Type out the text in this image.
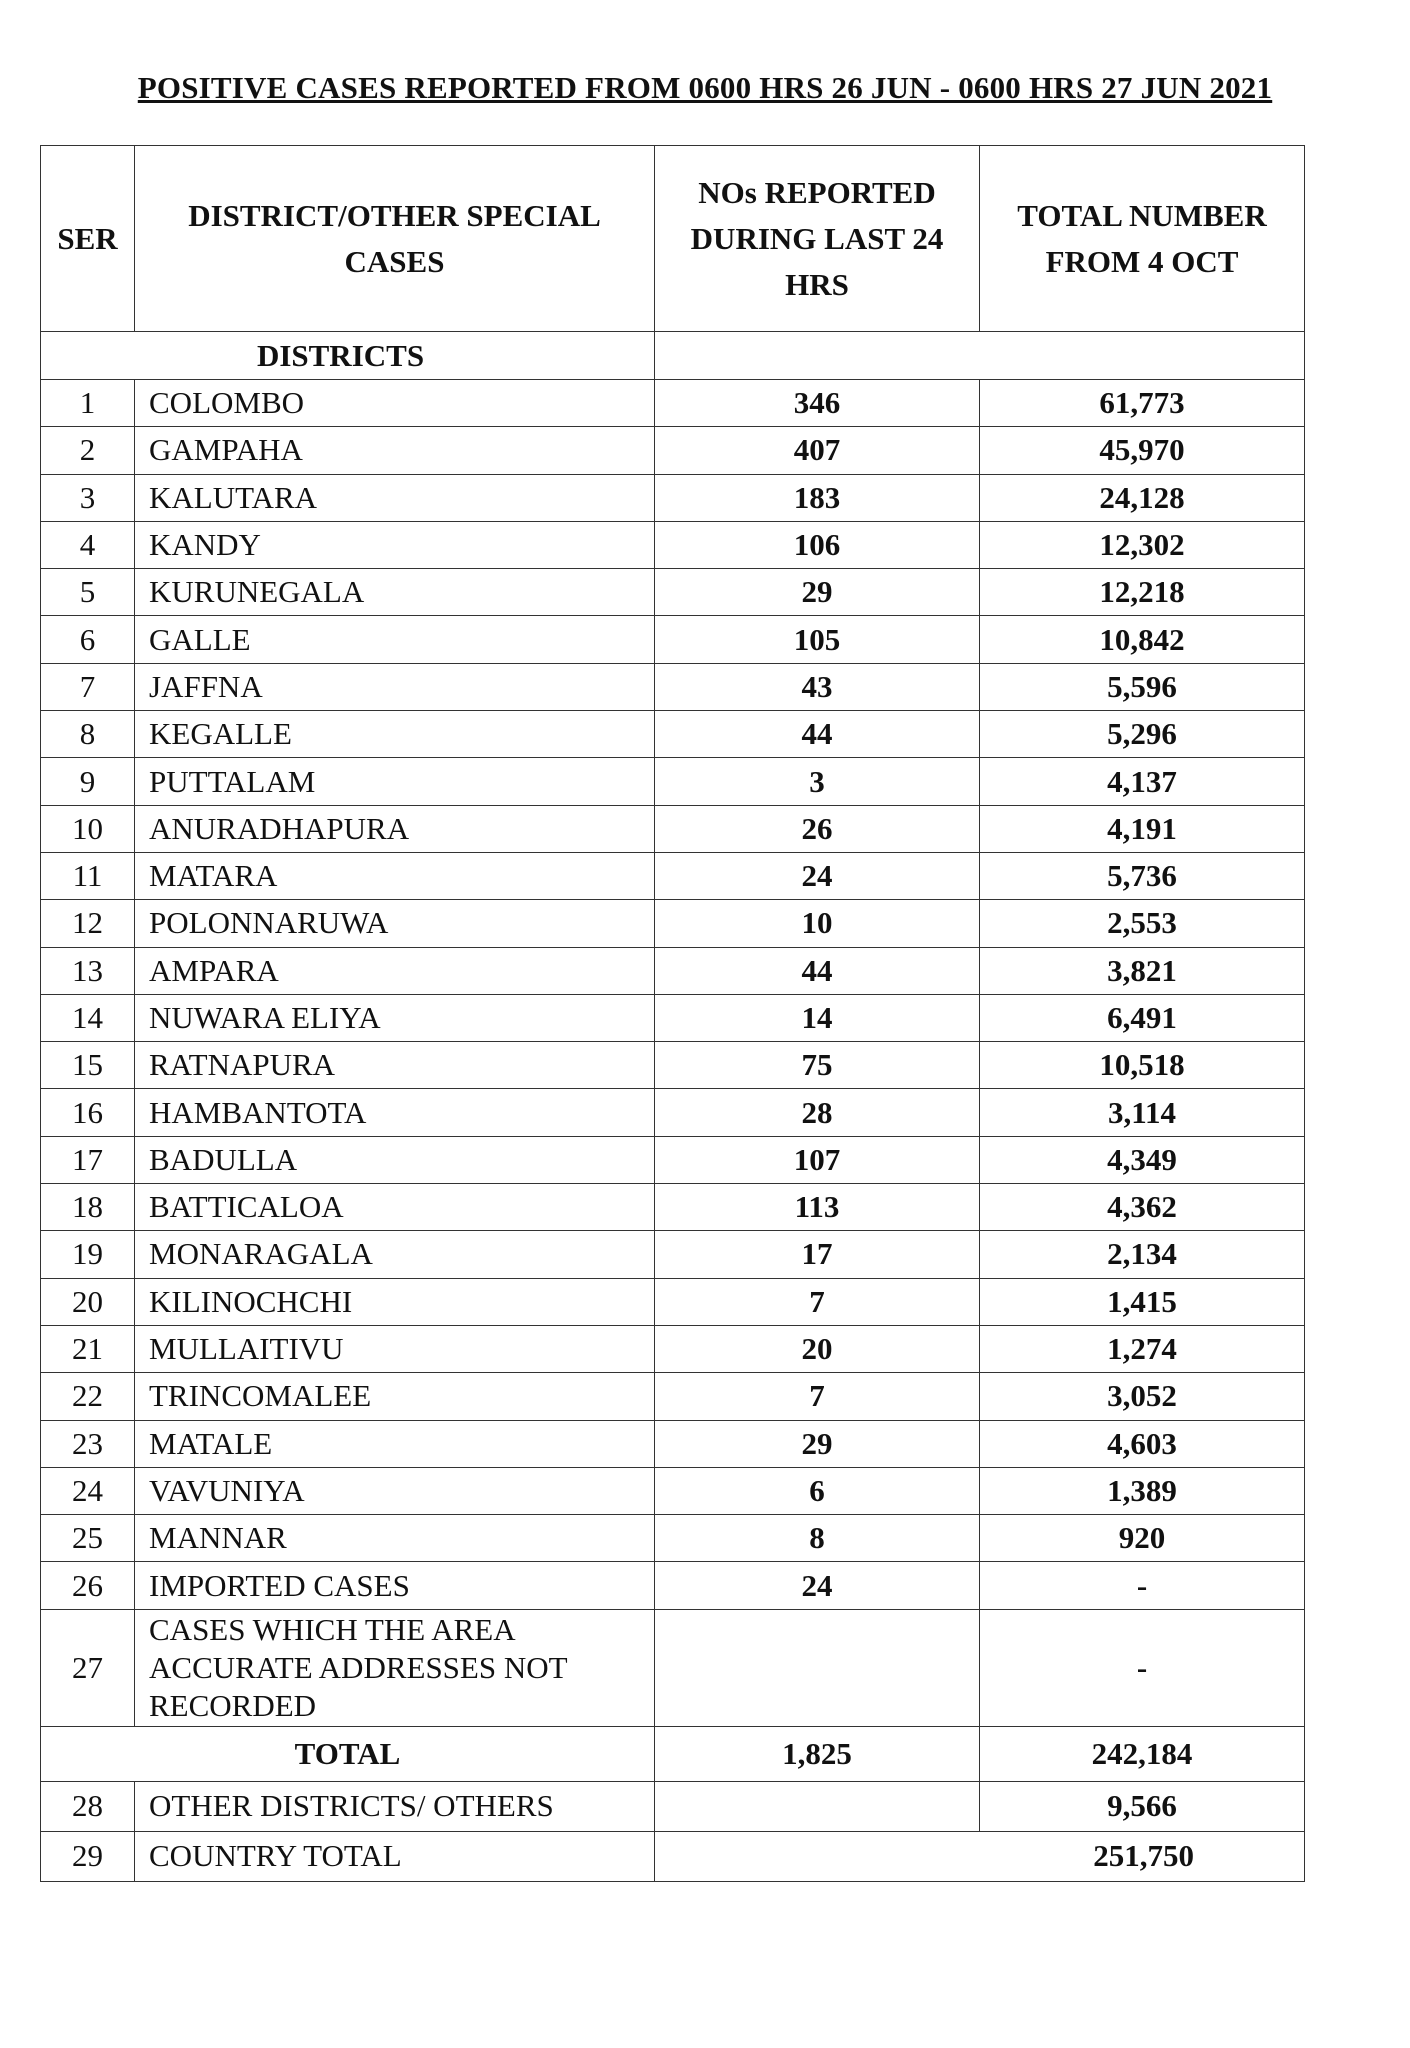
POSITIVE CASES REPORTED FROM 0600 HRS 26 JUN - 0600 HRS 27 JUN 2021
SER	DISTRICT/OTHER SPECIAL CASES	NOs REPORTED DURING LAST 24 HRS	TOTAL NUMBER FROM 4 OCT
DISTRICTS			
1	COLOMBO	346	61,773
2	GAMPAHA	407	45,970
3	KALUTARA	183	24,128
4	KANDY	106	12,302
5	KURUNEGALA	29	12,218
6	GALLE	105	10,842
7	JAFFNA	43	5,596
8	KEGALLE	44	5,296
9	PUTTALAM	3	4,137
10	ANURADHAPURA	26	4,191
11	MATARA	24	5,736
12	POLONNARUWA	10	2,553
13	AMPARA	44	3,821
14	NUWARA ELIYA	14	6,491
15	RATNAPURA	75	10,518
16	HAMBANTOTA	28	3,114
17	BADULLA	107	4,349
18	BATTICALOA	113	4,362
19	MONARAGALA	17	2,134
20	KILINOCHCHI	7	1,415
21	MULLAITIVU	20	1,274
22	TRINCOMALEE	7	3,052
23	MATALE	29	4,603
24	VAVUNIYA	6	1,389
25	MANNAR	8	920
26	IMPORTED CASES	24	-
27	CASES WHICH THE AREA ACCURATE ADDRESSES NOT RECORDED		-
TOTAL		1,825	242,184
28	OTHER DISTRICTS/ OTHERS		9,566
29	COUNTRY TOTAL	251,750	
